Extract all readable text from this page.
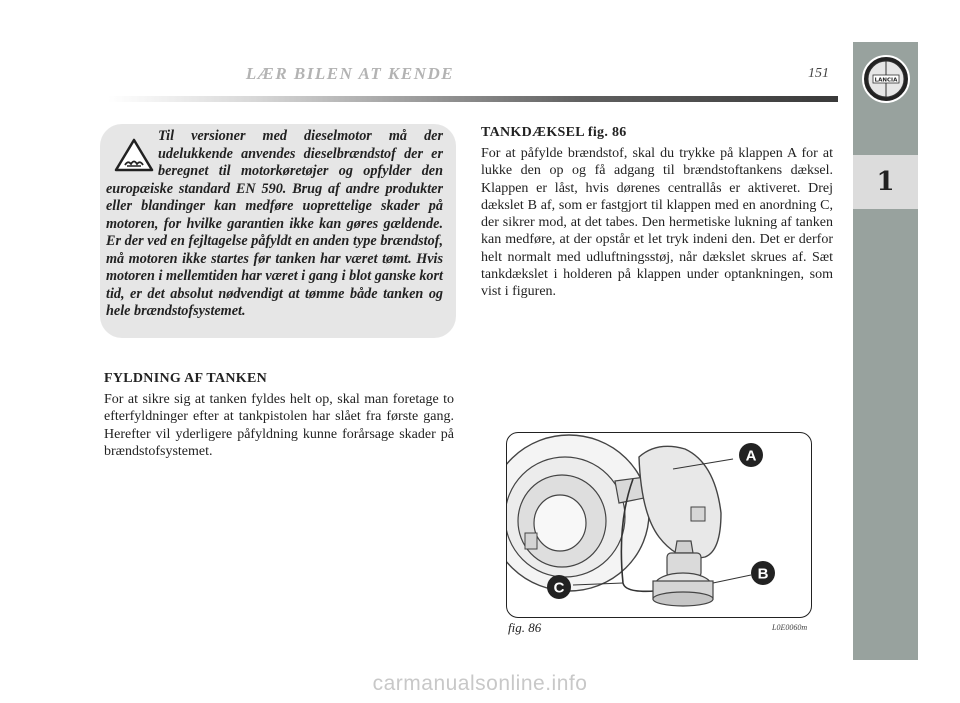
LÆR BILEN AT KENDE	151	LANCIA
1

Til versioner med dieselmotor må der udelukkende anvendes dieselbrændstof der er beregnet til motorkøretøjer og opfylder den europæiske standard EN 590. Brug af andre produkter eller blandinger kan medføre uoprettelige skader på motoren, for hvilke garantien ikke kan gøres gældende. Er der ved en fejltagelse påfyldt en anden type brændstof, må motoren ikke startes før tanken har været tømt. Hvis motoren i mellemtiden har været i gang i blot ganske kort tid, er det absolut nødvendigt at tømme både tanken og hele brændstofsystemet.

FYLDNING AF TANKEN

For at sikre sig at tanken fyldes helt op, skal man foretage to efterfyldninger efter at tankpistolen har slået fra første gang. Herefter vil yderligere påfyldning kunne forårsage skader på brændstofsystemet.

TANKDÆKSEL fig. 86

For at påfylde brændstof, skal du trykke på klappen A for at lukke den op og få adgang til brændstoftankens dæksel. Klappen er låst, hvis dørenes centrallås er aktiveret. Drej dækslet B af, som er fastgjort til klappen med en anordning C, der sikrer mod, at det tabes. Den hermetiske lukning af tanken kan medføre, at der opstår et let tryk indeni den. Det er derfor helt normalt med udluftningsstøj, når dækslet skrues af. Sæt tankdækslet i holderen på klappen under optankningen, som vist i figuren.

A
B
C
fig. 86	L0E0060m
carmanualsonline.info
